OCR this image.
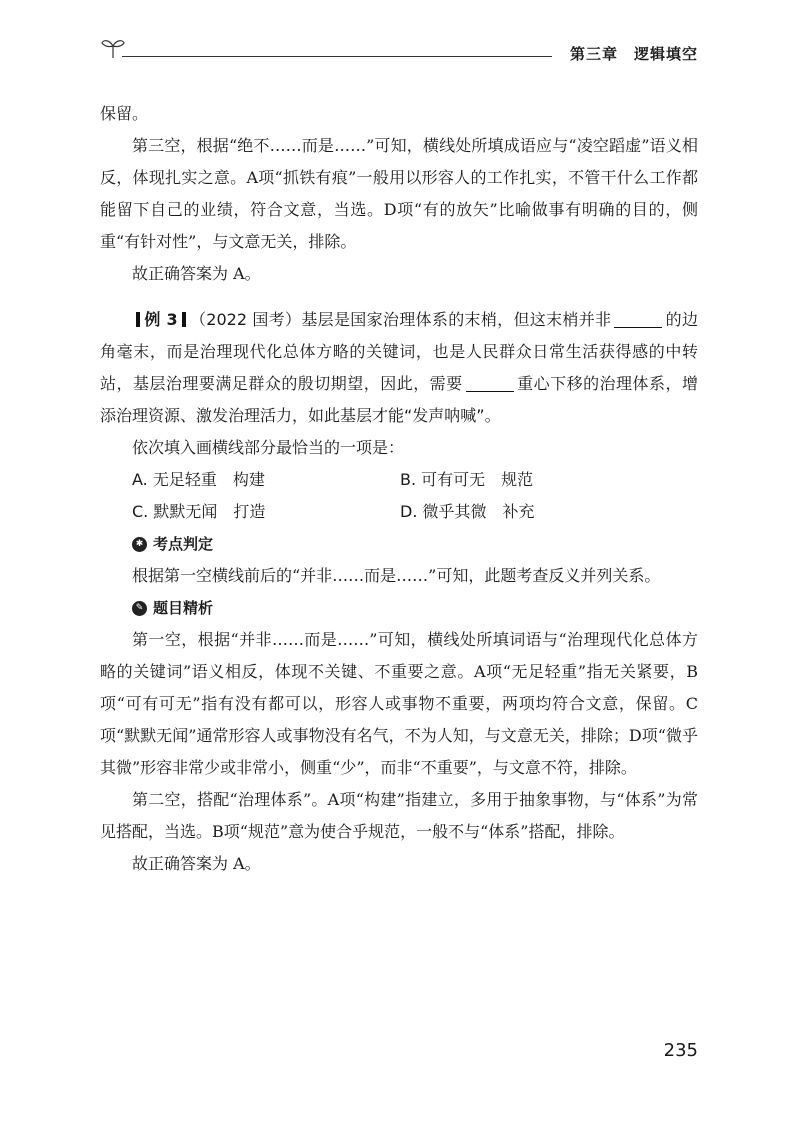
第三章　逻辑填空

保留。

第三空，根据“绝不……而是……”可知，横线处所填成语应与“凌空蹈虚”语义相反，体现扎实之意。A项“抓铁有痕”一般用以形容人的工作扎实，不管干什么工作都能留下自己的业绩，符合文意，当选。D项“有的放矢”比喻做事有明确的目的，侧重“有针对性”，与文意无关，排除。

故正确答案为 A。

例 3 （2022 国考）基层是国家治理体系的末梢，但这末梢并非	的边角毫末，而是治理现代化总体方略的关键词，也是人民群众日常生活获得感的中转站，基层治理要满足群众的殷切期望，因此，需要	重心下移的治理体系，增添治理资源、激发治理活力，如此基层才能“发声呐喊”。

依次填入画横线部分最恰当的一项是：

A. 无足轻重　构建	B. 可有可无　规范

C. 默默无闻　打造	D. 微乎其微　补充

✱ 考点判定

根据第一空横线前后的“并非……而是……”可知，此题考查反义并列关系。

✎ 题目精析

第一空，根据“并非……而是……”可知，横线处所填词语与“治理现代化总体方略的关键词”语义相反，体现不关键、不重要之意。A项“无足轻重”指无关紧要，B项“可有可无”指有没有都可以，形容人或事物不重要，两项均符合文意，保留。C项“默默无闻”通常形容人或事物没有名气，不为人知，与文意无关，排除；D项“微乎其微”形容非常少或非常小，侧重“少”，而非“不重要”，与文意不符，排除。

第二空，搭配“治理体系”。A项“构建”指建立，多用于抽象事物，与“体系”为常见搭配，当选。B项“规范”意为使合乎规范，一般不与“体系”搭配，排除。

故正确答案为 A。

235
